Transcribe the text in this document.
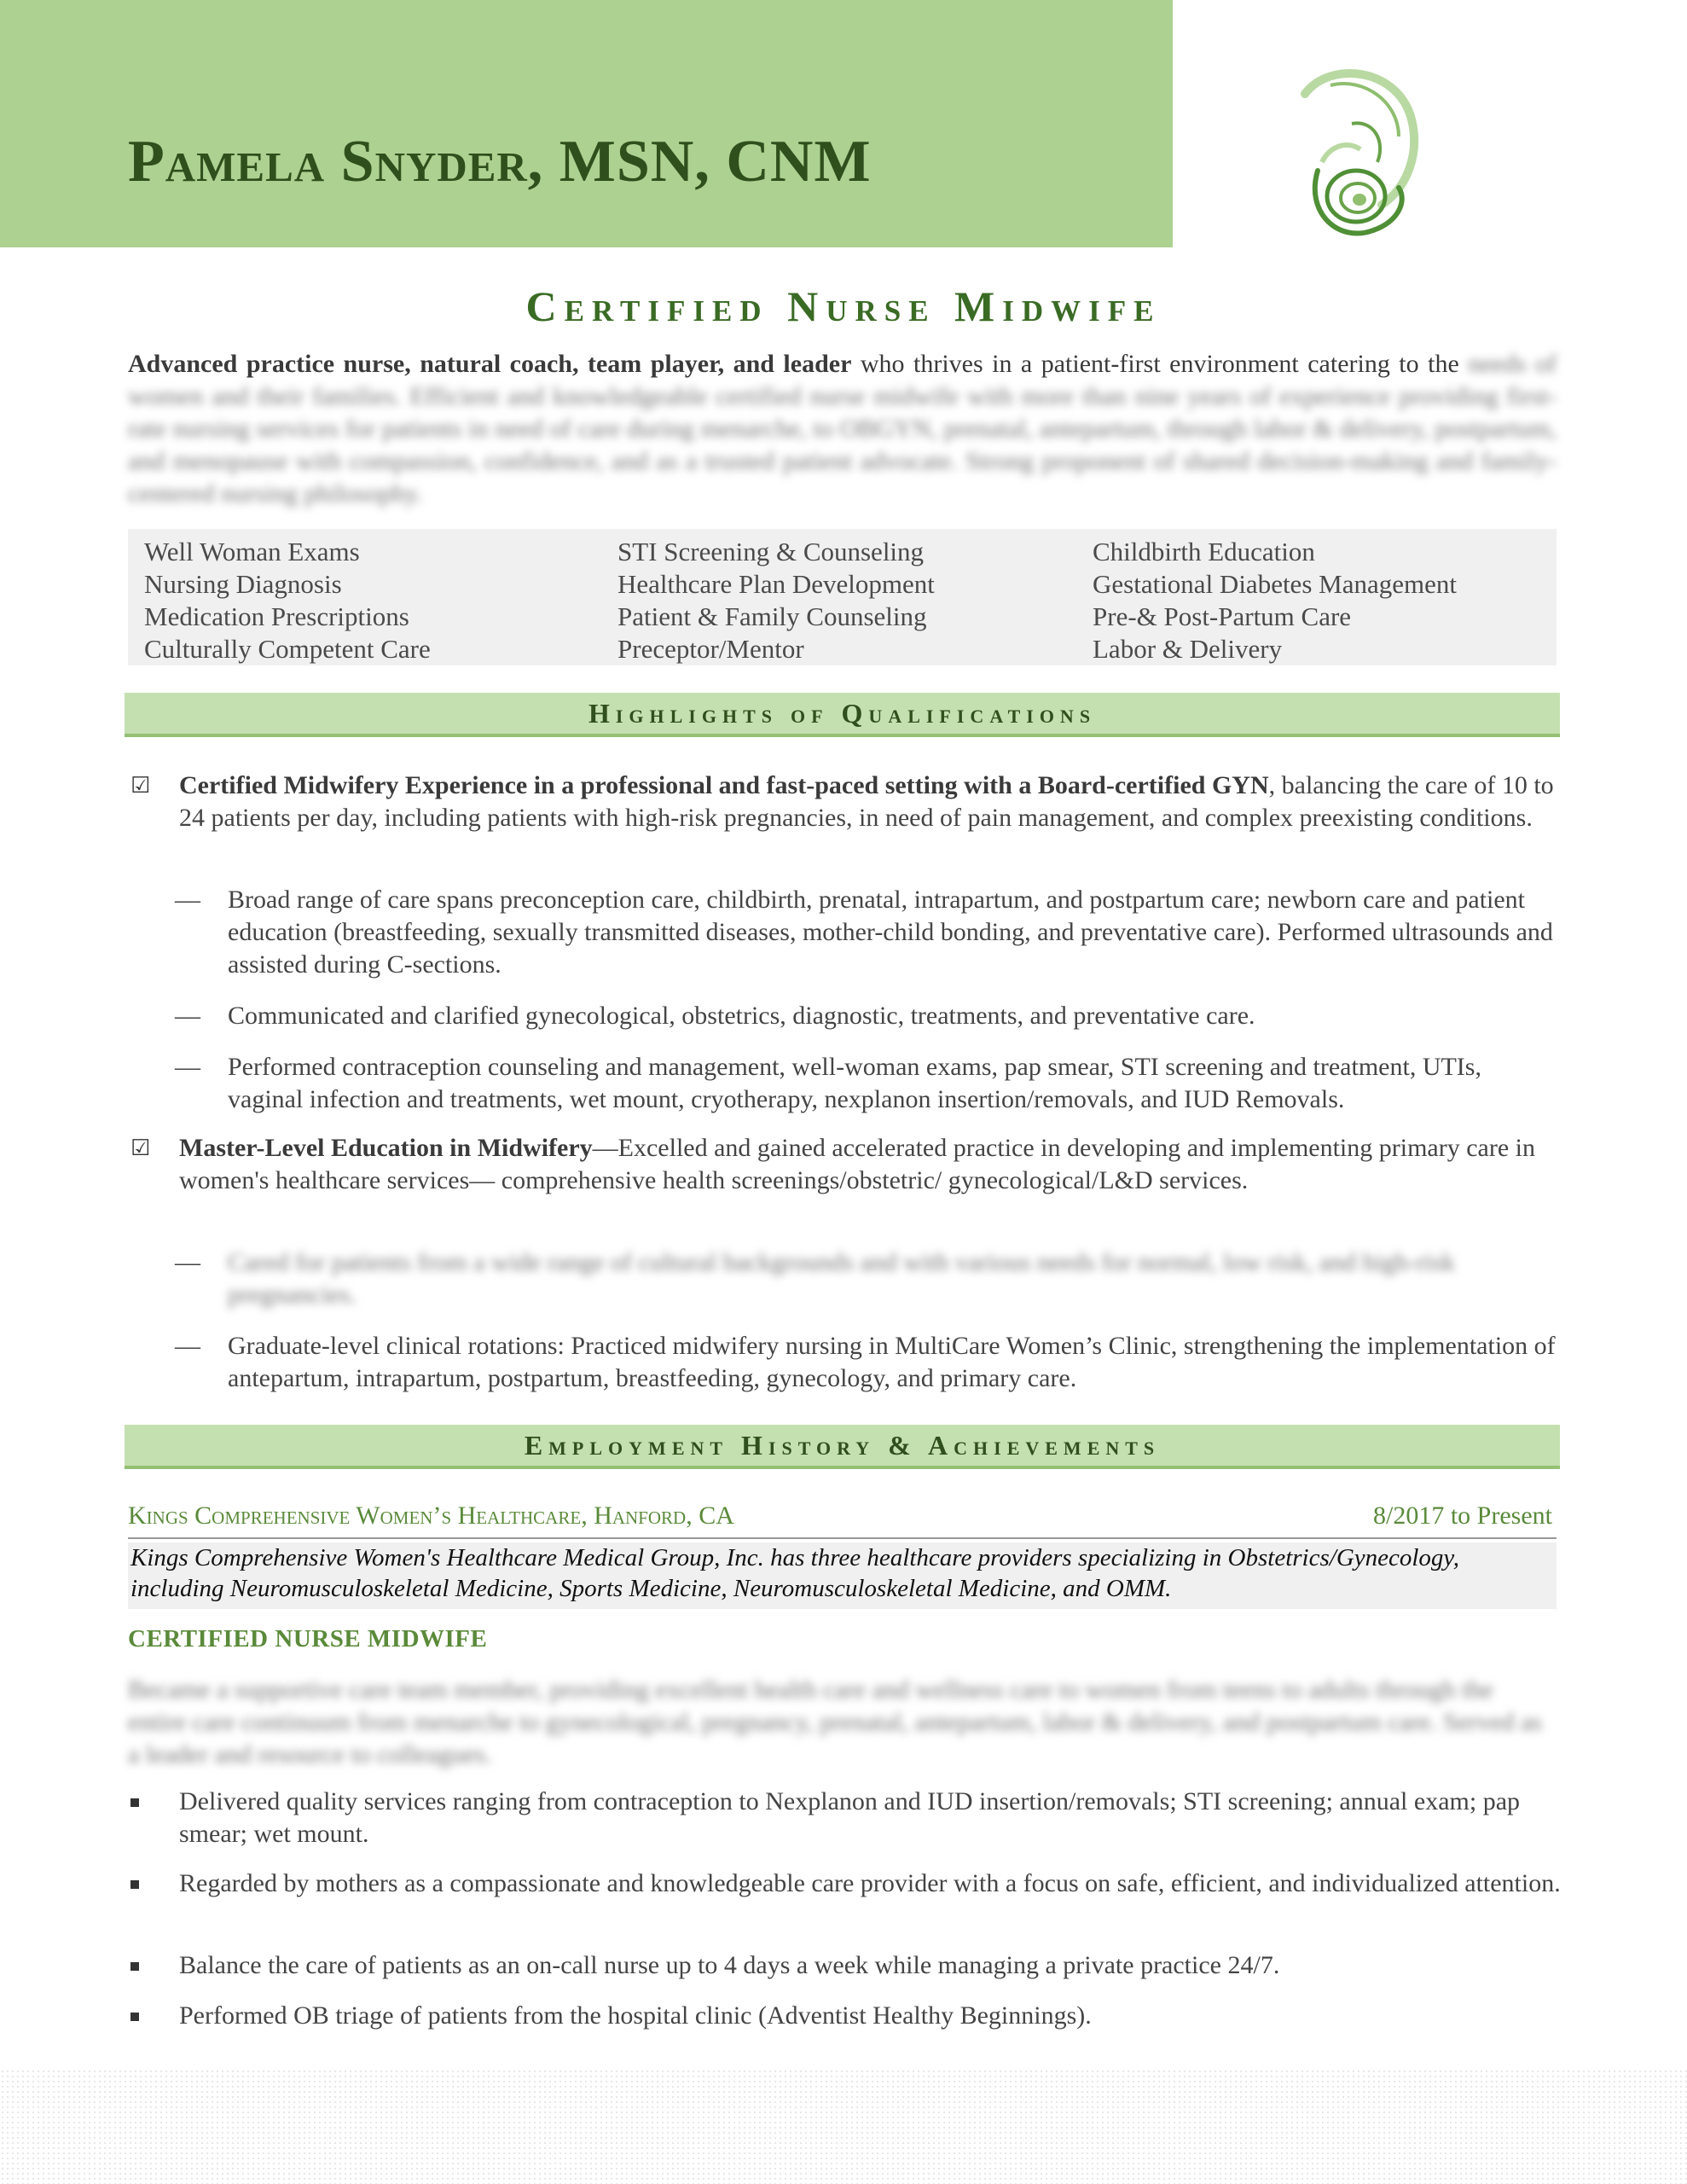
Pamela Snyder, MSN, CNM
Certified Nurse Midwife
Advanced practice nurse, natural coach, team player, and leader who thrives in a patient-first environment catering to the needs of women and their families. Efficient and knowledgeable certified nurse midwife with more than nine years of experience providing first-rate nursing services for patients in need of care during menarche, to OBGYN, prenatal, antepartum, through labor & delivery, postpartum, and menopause with compassion, confidence, and as a trusted patient advocate. Strong proponent of shared decision-making and family-centered nursing philosophy.
Well Woman Exams
Nursing Diagnosis
Medication Prescriptions
Culturally Competent Care
STI Screening & Counseling
Healthcare Plan Development
Patient & Family Counseling
Preceptor/Mentor
Childbirth Education
Gestational Diabetes Management
Pre-& Post-Partum Care
Labor & Delivery
Highlights of Qualifications
☑ Certified Midwifery Experience in a professional and fast-paced setting with a Board-certified GYN, balancing the care of 10 to 24 patients per day, including patients with high-risk pregnancies, in need of pain management, and complex preexisting conditions.
— Broad range of care spans preconception care, childbirth, prenatal, intrapartum, and postpartum care; newborn care and patient education (breastfeeding, sexually transmitted diseases, mother-child bonding, and preventative care). Performed ultrasounds and assisted during C-sections.
— Communicated and clarified gynecological, obstetrics, diagnostic, treatments, and preventative care.
— Performed contraception counseling and management, well-woman exams, pap smear, STI screening and treatment, UTIs, vaginal infection and treatments, wet mount, cryotherapy, nexplanon insertion/removals, and IUD Removals.
☑ Master-Level Education in Midwifery—Excelled and gained accelerated practice in developing and implementing primary care in women's healthcare services— comprehensive health screenings/obstetric/ gynecological/L&D services.
— Cared for patients from a wide range of cultural backgrounds and with various needs for normal, low risk, and high-risk pregnancies.
— Graduate-level clinical rotations: Practiced midwifery nursing in MultiCare Women’s Clinic, strengthening the implementation of antepartum, intrapartum, postpartum, breastfeeding, gynecology, and primary care.
Employment History & Achievements
Kings Comprehensive Women’s Healthcare, Hanford, CA	8/2017 to Present
Kings Comprehensive Women's Healthcare Medical Group, Inc. has three healthcare providers specializing in Obstetrics/Gynecology, including Neuromusculoskeletal Medicine, Sports Medicine, Neuromusculoskeletal Medicine, and OMM.
CERTIFIED NURSE MIDWIFE
Became a supportive care team member, providing excellent health care and wellness care to women from teens to adults through the entire care continuum from menarche to gynecological, pregnancy, prenatal, antepartum, labor & delivery, and postpartum care. Served as a leader and resource to colleagues.
Delivered quality services ranging from contraception to Nexplanon and IUD insertion/removals; STI screening; annual exam; pap smear; wet mount.
Regarded by mothers as a compassionate and knowledgeable care provider with a focus on safe, efficient, and individualized attention.
Balance the care of patients as an on-call nurse up to 4 days a week while managing a private practice 24/7.
Performed OB triage of patients from the hospital clinic (Adventist Healthy Beginnings).
